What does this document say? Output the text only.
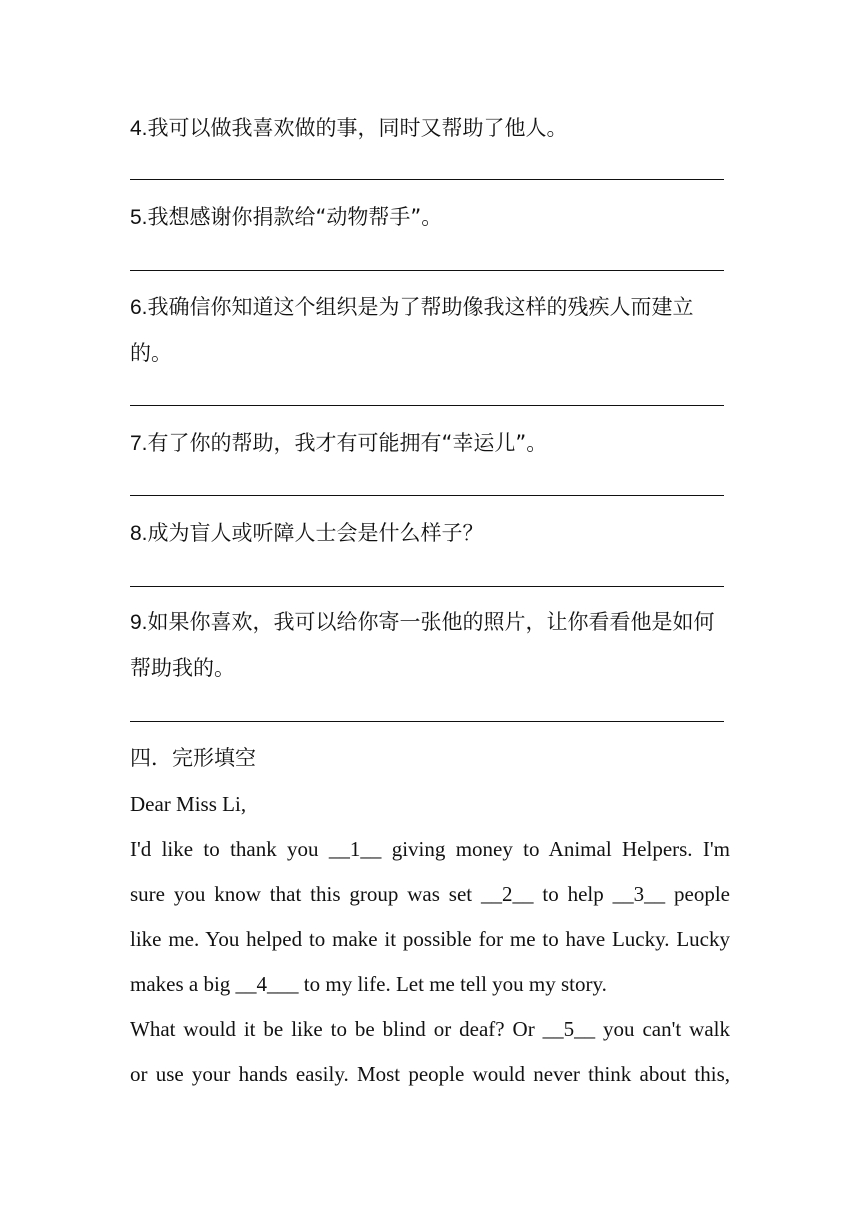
4.我可以做我喜欢做的事，同时又帮助了他人。
5.我想感谢你捐款给“动物帮手”。
6.我确信你知道这个组织是为了帮助像我这样的残疾人而建立
的。
7.有了你的帮助，我才有可能拥有“幸运儿”。
8.成为盲人或听障人士会是什么样子？
9.如果你喜欢，我可以给你寄一张他的照片，让你看看他是如何
帮助我的。
四．完形填空
Dear Miss Li,
I'd like to thank you __1__ giving money to Animal Helpers. I'm
sure you know that this group was set __2__ to help __3__ people
like me. You helped to make it possible for me to have Lucky. Lucky
makes a big __4___ to my life. Let me tell you my story.
What would it be like to be blind or deaf? Or __5__ you can't walk
or use your hands easily. Most people would never think about this,
